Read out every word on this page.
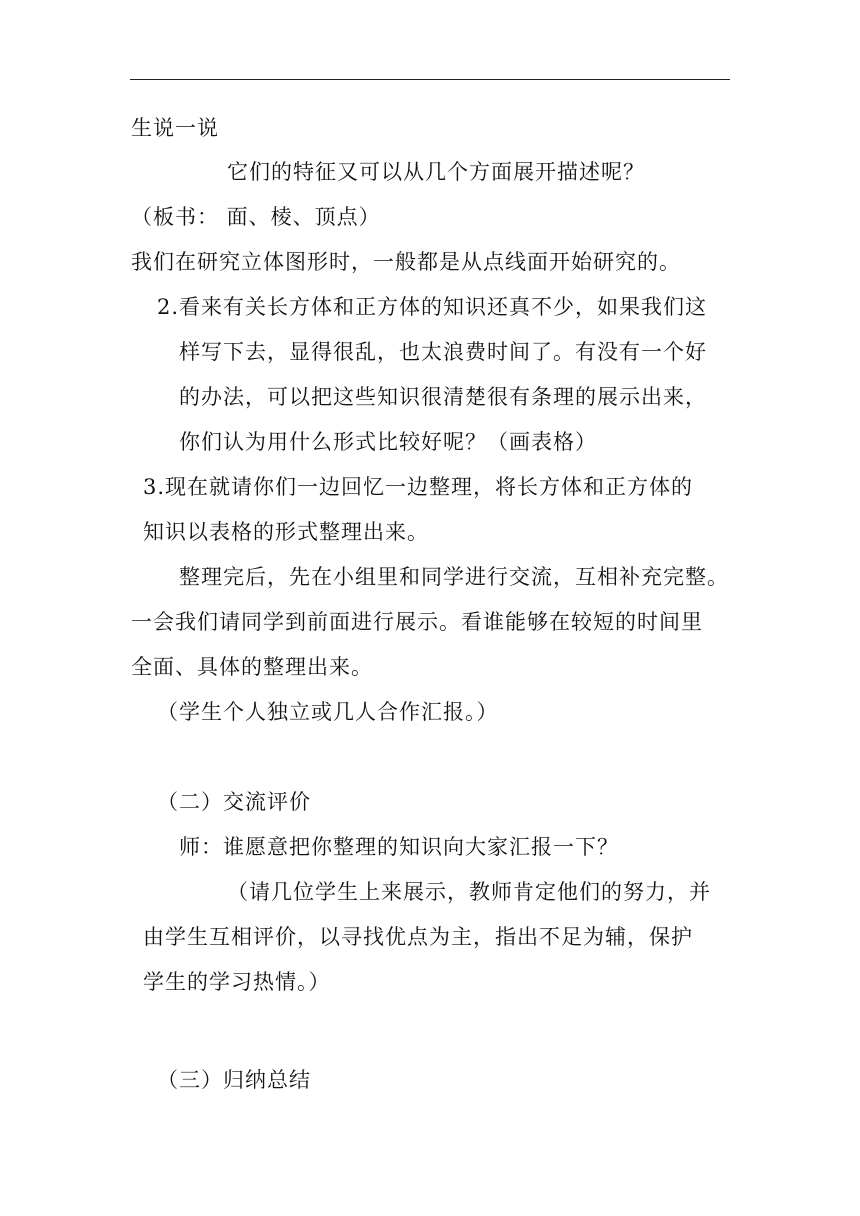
生说一说
它们的特征又可以从几个方面展开描述呢？
（板书： 面、棱、顶点）
我们在研究立体图形时，一般都是从点线面开始研究的。
2.看来有关长方体和正方体的知识还真不少，如果我们这
样写下去，显得很乱，也太浪费时间了。有没有一个好
的办法，可以把这些知识很清楚很有条理的展示出来，
你们认为用什么形式比较好呢？（画表格）
3.现在就请你们一边回忆一边整理，将长方体和正方体的
知识以表格的形式整理出来。
整理完后，先在小组里和同学进行交流，互相补充完整。
一会我们请同学到前面进行展示。看谁能够在较短的时间里
全面、具体的整理出来。
（学生个人独立或几人合作汇报。）
（二）交流评价
师：谁愿意把你整理的知识向大家汇报一下？
（请几位学生上来展示，教师肯定他们的努力，并
由学生互相评价，以寻找优点为主，指出不足为辅，保护
学生的学习热情。）
（三）归纳总结
